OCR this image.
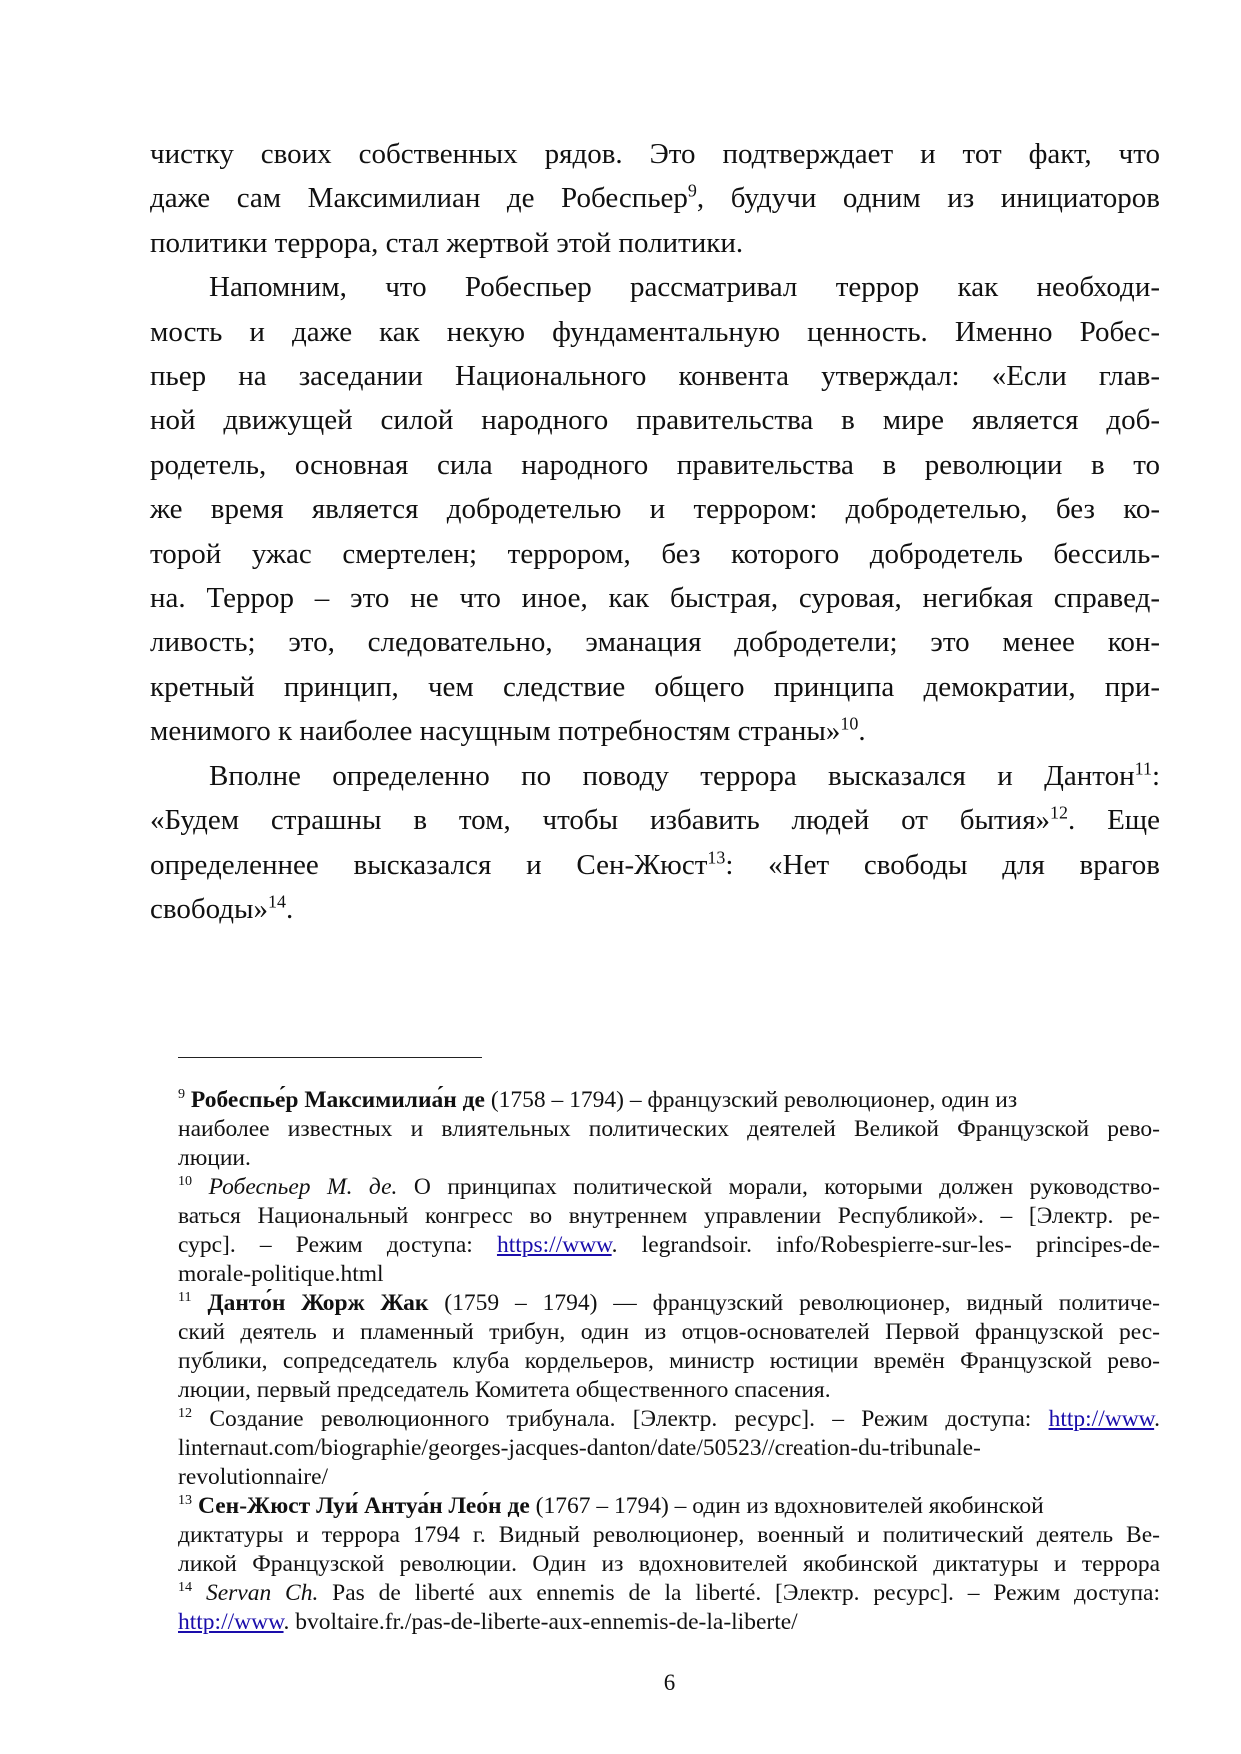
чистку своих собственных рядов. Это подтверждает и тот факт, что
даже сам Максимилиан де Робеспьер$^9$, будучи одним из инициаторов
политики террора, стал жертвой этой политики.
Напомним, что Робеспьер рассматривал террор как необходи-
мость и даже как некую фундаментальную ценность. Именно Робес-
пьер на заседании Национального конвента утверждал: «Если глав-
ной движущей силой народного правительства в мире является доб-
родетель, основная сила народного правительства в революции в то
же время является добродетелью и террором: добродетелью, без ко-
торой ужас смертелен; террором, без которого добродетель бессиль-
на. Террор – это не что иное, как быстрая, суровая, негибкая справед-
ливость; это, следовательно, эманация добродетели; это менее кон-
кретный принцип, чем следствие общего принципа демократии, при-
менимого к наиболее насущным потребностям страны»$^{10}$.
Вполне определенно по поводу террора высказался и Дантон$^{11}$:
«Будем страшны в том, чтобы избавить людей от бытия»$^{12}$. Еще
определеннее высказался и Сен-Жюст$^{13}$: «Нет свободы для врагов
свободы»$^{14}$.
$^9$ Робеспье́р Максимилиа́н де (1758 – 1794) – французский революционер, один из
наиболее известных и влиятельных политических деятелей Великой Французской рево-
люции.
$^{10}$ Робеспьер М. де. О принципах политической морали, которыми должен руководство-
ваться Национальный конгресс во внутреннем управлении Республикой». – [Электр. ре-
сурс]. – Режим доступа: https://www. legrandsoir. info/Robespierre-sur-les- principes-de-
morale-politique.html
$^{11}$ Данто́н Жорж Жак (1759 – 1794) — французский революционер, видный политиче-
ский деятель и пламенный трибун, один из отцов-основателей Первой французской рес-
публики, сопредседатель клуба кордельеров, министр юстиции времён Французской рево-
люции, первый председатель Комитета общественного спасения.
$^{12}$ Создание революционного трибунала. [Электр. ресурс]. – Режим доступа: http://www.
linternaut.com/biographie/georges-jacques-danton/date/50523//creation-du-tribunale-
revolutionnaire/
$^{13}$ Сен-Жюст Луи́ Антуа́н Лео́н де (1767 – 1794) – один из вдохновителей якобинской
диктатуры и террора 1794 г. Видный революционер, военный и политический деятель Ве-
ликой Французской революции. Один из вдохновителей якобинской диктатуры и террора
$^{14}$ Servan Ch. Pas de liberté aux ennemis de la liberté. [Электр. ресурс]. – Режим доступа:
http://www. bvoltaire.fr./pas-de-liberte-aux-ennemis-de-la-liberte/
6
